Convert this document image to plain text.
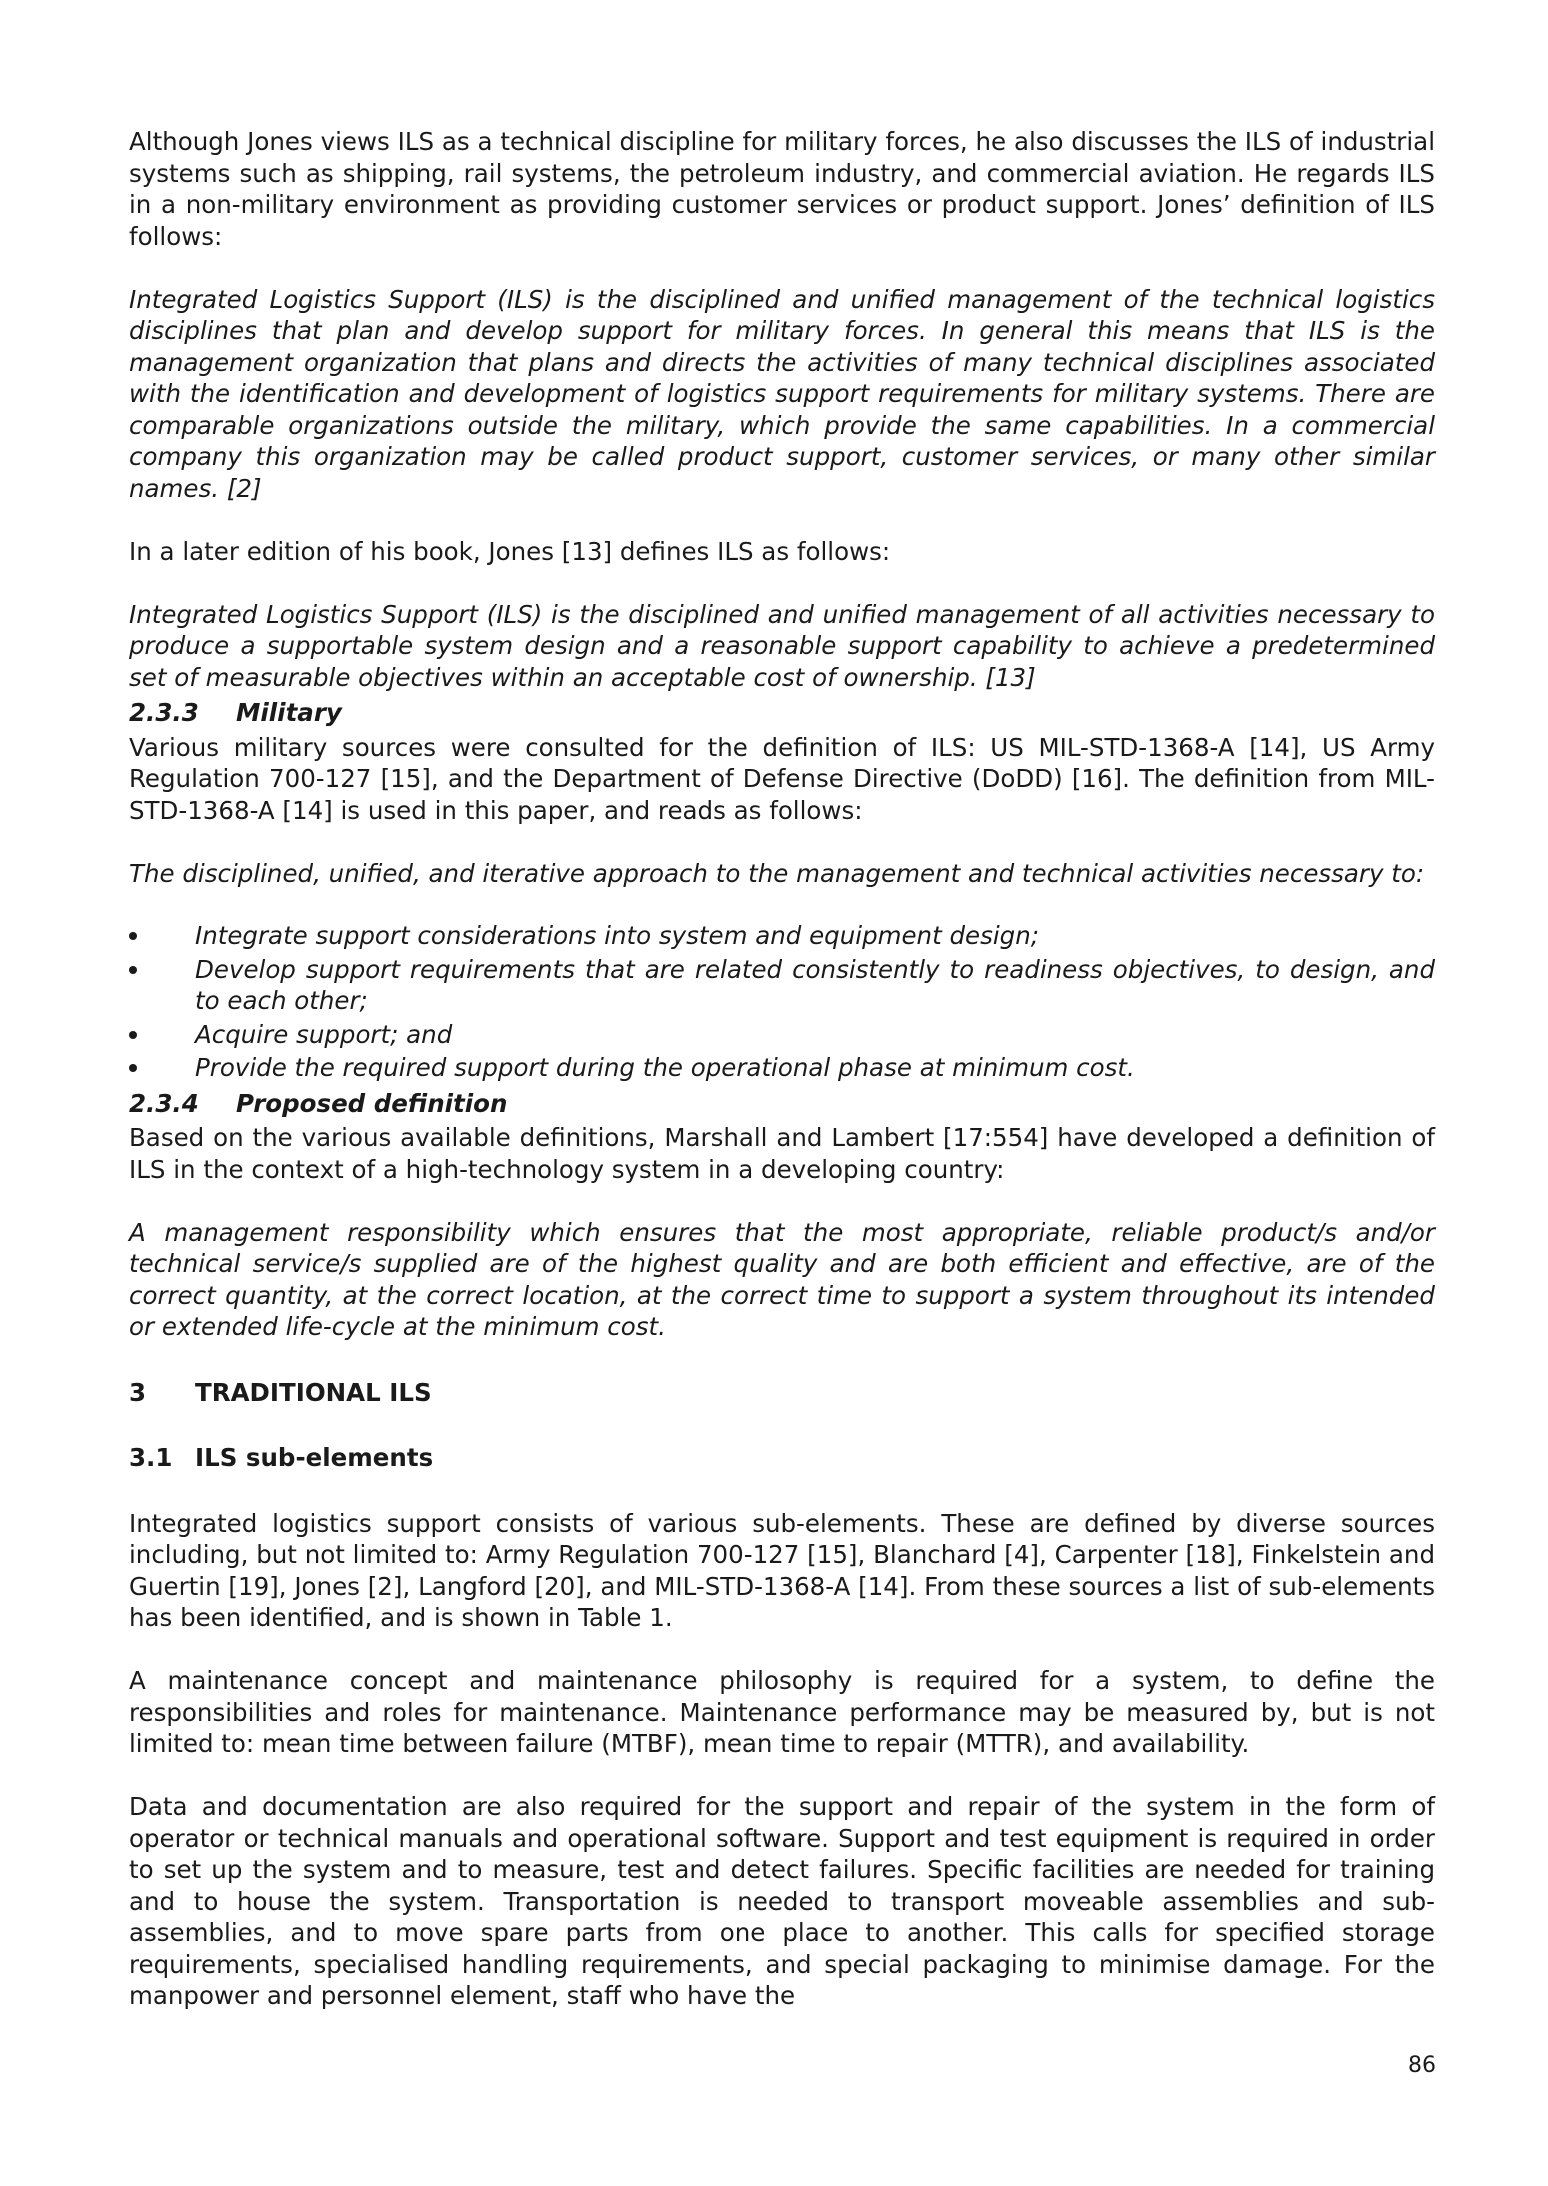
Although Jones views ILS as a technical discipline for military forces, he also discusses the ILS of industrial systems such as shipping, rail systems, the petroleum industry, and commercial aviation. He regards ILS in a non-military environment as providing customer services or product support. Jones’ definition of ILS follows:

Integrated Logistics Support (ILS) is the disciplined and unified management of the technical logistics disciplines that plan and develop support for military forces. In general this means that ILS is the management organization that plans and directs the activities of many technical disciplines associated with the identification and development of logistics support requirements for military systems. There are comparable organizations outside the military, which provide the same capabilities. In a commercial company this organization may be called product support, customer services, or many other similar names. [2]

In a later edition of his book, Jones [13] defines ILS as follows:

Integrated Logistics Support (ILS) is the disciplined and unified management of all activities necessary to produce a supportable system design and a reasonable support capability to achieve a predetermined set of measurable objectives within an acceptable cost of ownership. [13]

2.3.3 Military

Various military sources were consulted for the definition of ILS: US MIL-STD-1368-A [14], US Army Regulation 700-127 [15], and the Department of Defense Directive (DoDD) [16]. The definition from MIL-STD-1368-A [14] is used in this paper, and reads as follows:

The disciplined, unified, and iterative approach to the management and technical activities necessary to:

Integrate support considerations into system and equipment design;
Develop support requirements that are related consistently to readiness objectives, to design, and to each other;
Acquire support; and
Provide the required support during the operational phase at minimum cost.
2.3.4 Proposed definition

Based on the various available definitions, Marshall and Lambert [17:554] have developed a definition of ILS in the context of a high-technology system in a developing country:

A management responsibility which ensures that the most appropriate, reliable product/s and/or technical service/s supplied are of the highest quality and are both efficient and effective, are of the correct quantity, at the correct location, at the correct time to support a system throughout its intended or extended life-cycle at the minimum cost.

3 TRADITIONAL ILS
3.1 ILS sub-elements

Integrated logistics support consists of various sub-elements. These are defined by diverse sources including, but not limited to: Army Regulation 700-127 [15], Blanchard [4], Carpenter [18], Finkelstein and Guertin [19], Jones [2], Langford [20], and MIL-STD-1368-A [14]. From these sources a list of sub-elements has been identified, and is shown in Table 1.

A maintenance concept and maintenance philosophy is required for a system, to define the responsibilities and roles for maintenance. Maintenance performance may be measured by, but is not limited to: mean time between failure (MTBF), mean time to repair (MTTR), and availability.

Data and documentation are also required for the support and repair of the system in the form of operator or technical manuals and operational software. Support and test equipment is required in order to set up the system and to measure, test and detect failures. Specific facilities are needed for training and to house the system. Transportation is needed to transport moveable assemblies and sub-assemblies, and to move spare parts from one place to another. This calls for specified storage requirements, specialised handling requirements, and special packaging to minimise damage. For the manpower and personnel element, staff who have the

86
